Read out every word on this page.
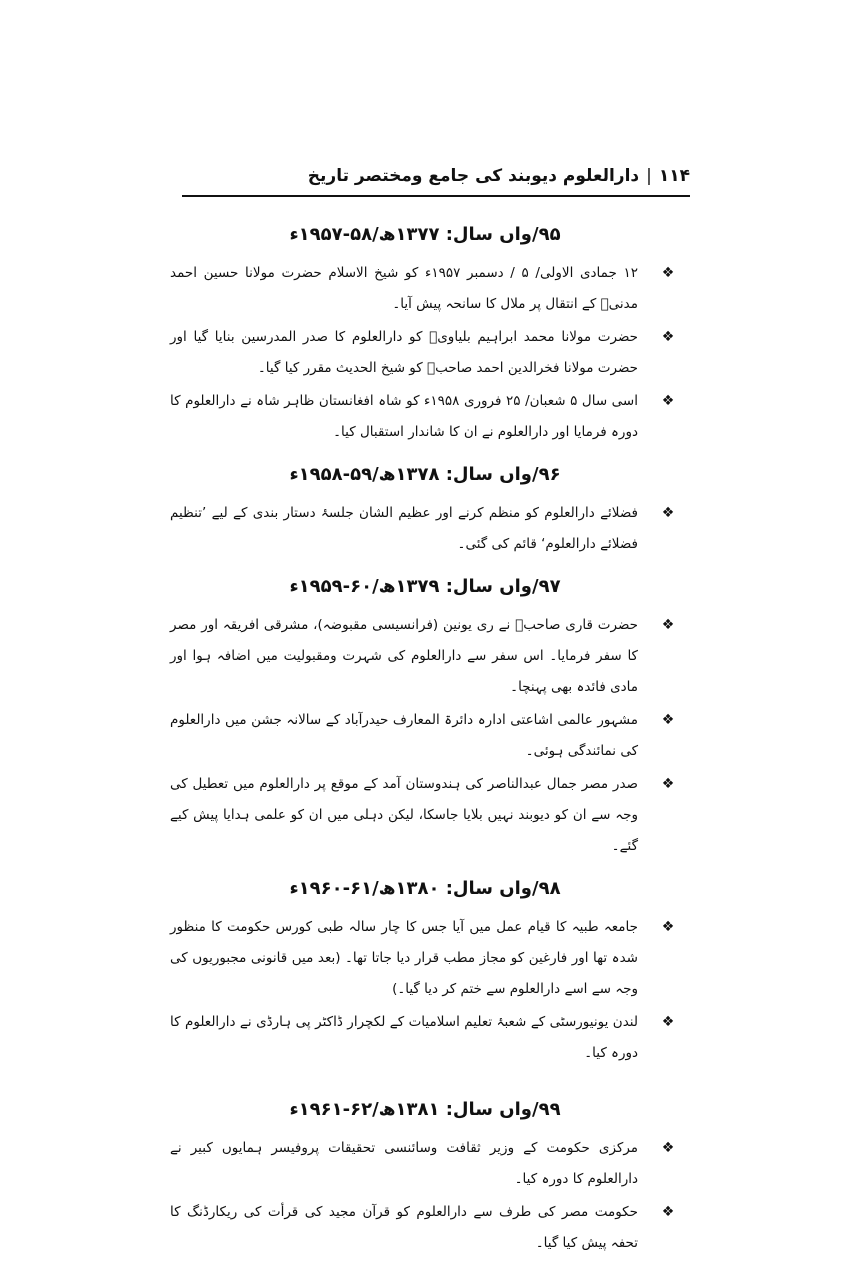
۱۱۴
|
دارالعلوم دیوبند کی جامع ومختصر تاریخ
۹۵/واں سال: ۱۳۷۷ھ/۵۸-۱۹۵۷ء
❖
۱۲ جمادی الاولی/ ۵ / دسمبر ۱۹۵۷ء کو شیخ الاسلام حضرت مولانا حسین احمد مدنیؒ کے انتقال پر ملال کا سانحہ پیش آیا۔
❖
حضرت مولانا محمد ابراہیم بلیاویؒ کو دارالعلوم کا صدر المدرسین بنایا گیا اور حضرت مولانا فخرالدین احمد صاحبؒ کو شیخ الحدیث مقرر کیا گیا۔
❖
اسی سال ۵ شعبان/ ۲۵ فروری ۱۹۵۸ء کو شاہ افغانستان ظاہر شاہ نے دارالعلوم کا دورہ فرمایا اور دارالعلوم نے ان کا شاندار استقبال کیا۔
۹۶/واں سال: ۱۳۷۸ھ/۵۹-۱۹۵۸ء
❖
فضلائے دارالعلوم کو منظم کرنے اور عظیم الشان جلسۂ دستار بندی کے لیے ’تنظیم فضلائے دارالعلوم‘ قائم کی گئی۔
۹۷/واں سال: ۱۳۷۹ھ/۶۰-۱۹۵۹ء
❖
حضرت قاری صاحبؒ نے ری یونین (فرانسیسی مقبوضہ)، مشرقی افریقہ اور مصر کا سفر فرمایا۔ اس سفر سے دارالعلوم کی شہرت ومقبولیت میں اضافہ ہوا اور مادی فائدہ بھی پہنچا۔
❖
مشہور عالمی اشاعتی ادارہ دائرۃ المعارف حیدرآباد کے سالانہ جشن میں دارالعلوم کی نمائندگی ہوئی۔
❖
صدر مصر جمال عبدالناصر کی ہندوستان آمد کے موقع پر دارالعلوم میں تعطیل کی وجہ سے ان کو دیوبند نہیں بلایا جاسکا، لیکن دہلی میں ان کو علمی ہدایا پیش کیے گئے۔
۹۸/واں سال: ۱۳۸۰ھ/۶۱-۱۹۶۰ء
❖
جامعہ طبیہ کا قیام عمل میں آیا جس کا چار سالہ طبی کورس حکومت کا منظور شدہ تھا اور فارغین کو مجاز مطب قرار دیا جاتا تھا۔ (بعد میں قانونی مجبوریوں کی وجہ سے اسے دارالعلوم سے ختم کر دیا گیا۔)
❖
لندن یونیورسٹی کے شعبۂ تعلیم اسلامیات کے لکچرار ڈاکٹر پی ہارڈی نے دارالعلوم کا دورہ کیا۔
۹۹/واں سال: ۱۳۸۱ھ/۶۲-۱۹۶۱ء
❖
مرکزی حکومت کے وزیر ثقافت وسائنسی تحقیقات پروفیسر ہمایوں کبیر نے دارالعلوم کا دورہ کیا۔
❖
حکومت مصر کی طرف سے دارالعلوم کو قرآن مجید کی قرأت کی ریکارڈنگ کا تحفہ پیش کیا گیا۔
